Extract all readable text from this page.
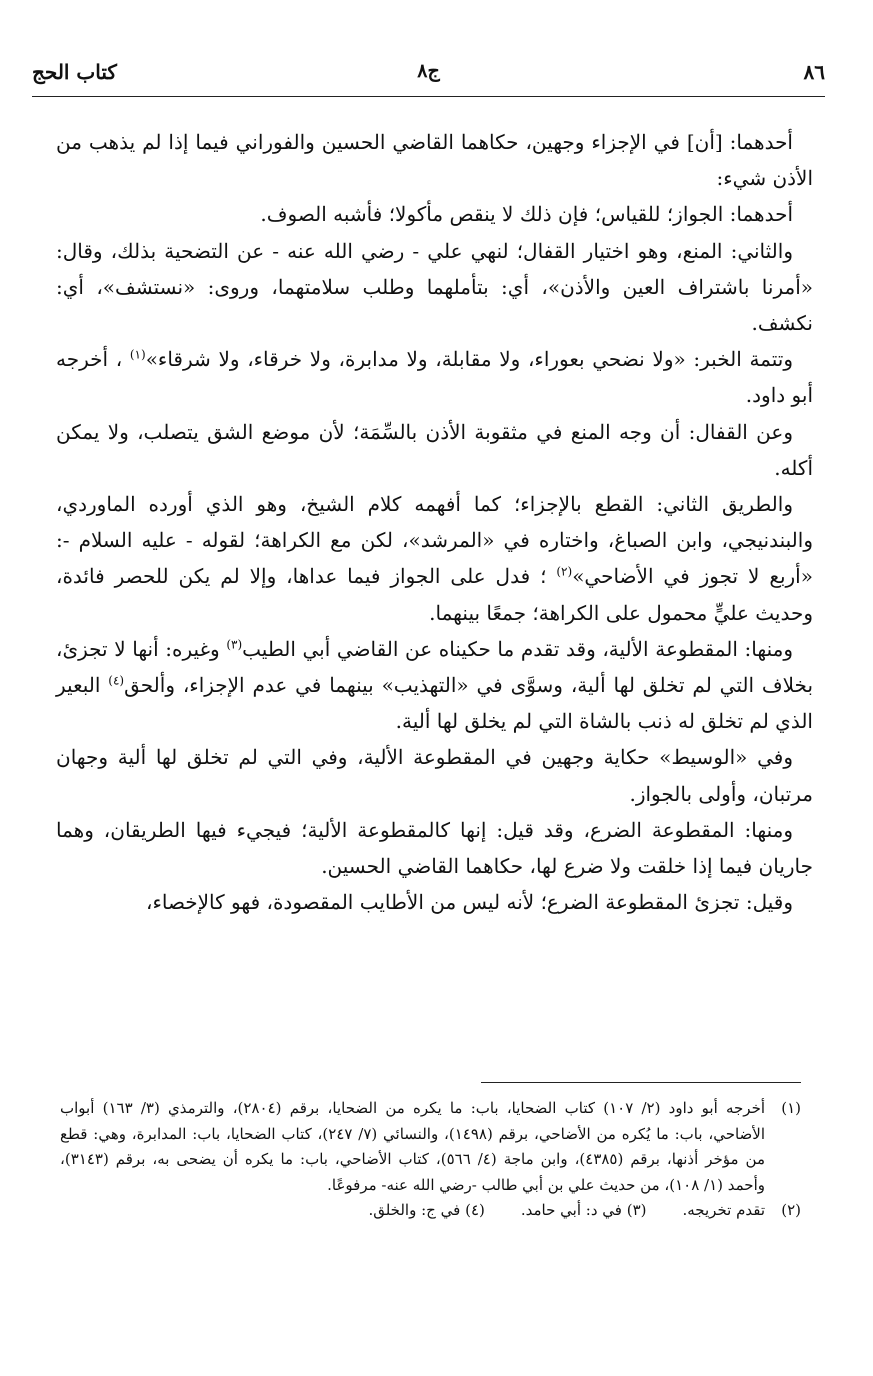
٨٦
ج٨
كتاب الحج

أحدهما: [أن] في الإجزاء وجهين، حكاهما القاضي الحسين والفوراني فيما إذا لم يذهب من الأذن شيء:

أحدهما: الجواز؛ للقياس؛ فإن ذلك لا ينقص مأكولا؛ فأشبه الصوف.

والثاني: المنع، وهو اختيار القفال؛ لنهي علي - رضي الله عنه - عن التضحية بذلك، وقال: «أمرنا باشتراف العين والأذن»، أي: بتأملهما وطلب سلامتهما، وروى: «نستشف»، أي: نكشف.

وتتمة الخبر: «ولا نضحي بعوراء، ولا مقابلة، ولا مدابرة، ولا خرقاء، ولا شرقاء»$^{(١)}$ ، أخرجه أبو داود.

وعن القفال: أن وجه المنع في مثقوبة الأذن بالسِّمَة؛ لأن موضع الشق يتصلب، ولا يمكن أكله.

والطريق الثاني: القطع بالإجزاء؛ كما أفهمه كلام الشيخ، وهو الذي أورده الماوردي، والبندنيجي، وابن الصباغ، واختاره في «المرشد»، لكن مع الكراهة؛ لقوله - عليه السلام -: «أربع لا تجوز في الأضاحي»$^{(٢)}$ ؛ فدل على الجواز فيما عداها، وإلا لم يكن للحصر فائدة، وحديث عليٍّ محمول على الكراهة؛ جمعًا بينهما.

ومنها: المقطوعة الألية، وقد تقدم ما حكيناه عن القاضي أبي الطيب$^{(٣)}$ وغيره: أنها لا تجزئ، بخلاف التي لم تخلق لها ألية، وسوَّى في «التهذيب» بينهما في عدم الإجزاء، وألحق$^{(٤)}$ البعير الذي لم تخلق له ذنب بالشاة التي لم يخلق لها ألية.

وفي «الوسيط» حكاية وجهين في المقطوعة الألية، وفي التي لم تخلق لها ألية وجهان مرتبان، وأولى بالجواز.

ومنها: المقطوعة الضرع، وقد قيل: إنها كالمقطوعة الألية؛ فيجيء فيها الطريقان، وهما جاريان فيما إذا خلقت ولا ضرع لها، حكاهما القاضي الحسين.

وقيل: تجزئ المقطوعة الضرع؛ لأنه ليس من الأطايب المقصودة، فهو كالإخصاء،

(١)
أخرجه أبو داود (٢/ ١٠٧) كتاب الضحايا، باب: ما يكره من الضحايا، برقم (٢٨٠٤)، والترمذي (٣/ ١٦٣) أبواب الأضاحي، باب: ما يُكره من الأضاحي، برقم (١٤٩٨)، والنسائي (٧/ ٢٤٧)، كتاب الضحايا، باب: المدابرة، وهي: قطع من مؤخر أذنها، برقم (٤٣٨٥)، وابن ماجة (٤/ ٥٦٦)، كتاب الأضاحي، باب: ما يكره أن يضحى به، برقم (٣١٤٣)، وأحمد (١/ ١٠٨)، من حديث علي بن أبي طالب -رضي الله عنه- مرفوعًا.

(٢)
تقدم تخريجه.(٣) في د: أبي حامد.(٤) في ج: والخلق.
